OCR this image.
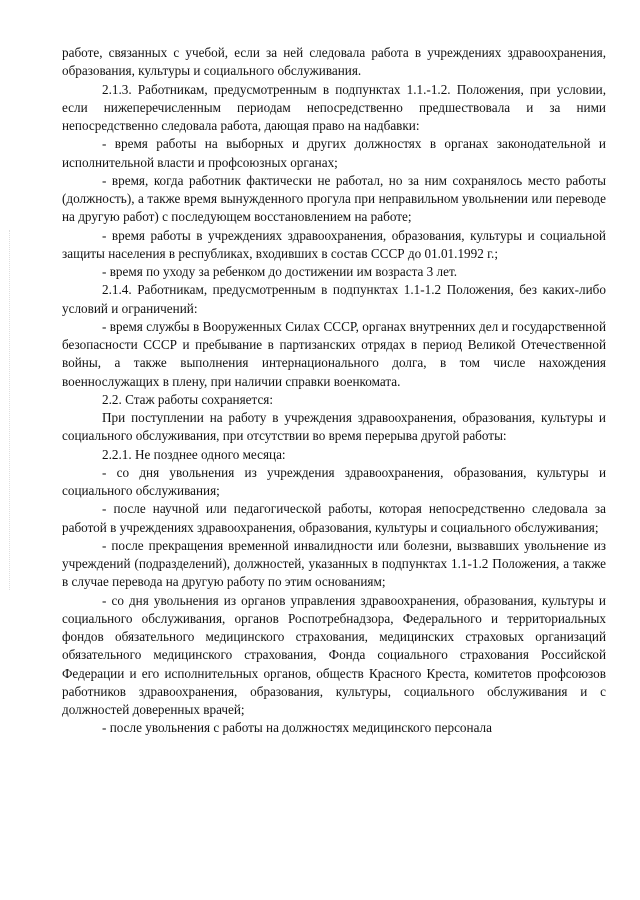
работе, связанных с учебой, если за ней следовала работа в учреждениях здравоохранения, образования, культуры и социального обслуживания.

2.1.3. Работникам, предусмотренным в подпунктах 1.1.-1.2. Положения, при условии, если нижеперечисленным периодам непосредственно предшествовала и за ними непосредственно следовала работа, дающая право на надбавки:

- время работы на выборных и других должностях в органах законодательной и исполнительной власти и профсоюзных органах;

- время, когда работник фактически не работал, но за ним сохранялось место работы (должность), а также время вынужденного прогула при неправильном увольнении или переводе на другую работ) с последующем восстановлением на работе;

- время работы в учреждениях здравоохранения, образования, культуры и социальной защиты населения в республиках, входивших в состав СССР до 01.01.1992 г.;

- время по уходу за ребенком до достижении им возраста 3 лет.

2.1.4. Работникам, предусмотренным в подпунктах 1.1-1.2 Положения, без каких-либо условий и ограничений:

- время службы в Вооруженных Силах СССР, органах внутренних дел и государственной безопасности СССР и пребывание в партизанских отрядах в период Великой Отечественной войны, а также выполнения интернационального долга, в том числе нахождения военнослужащих в плену, при наличии справки военкомата.

2.2. Стаж работы сохраняется:

При поступлении на работу в учреждения здравоохранения, образования, культуры и социального обслуживания, при отсутствии во время перерыва другой работы:

2.2.1. Не позднее одного месяца:

- со дня увольнения из учреждения здравоохранения, образования, культуры и социального обслуживания;

- после научной или педагогической работы, которая непосредственно следовала за работой в учреждениях здравоохранения, образования, культуры и социального обслуживания;

- после прекращения временной инвалидности или болезни, вызвавших увольнение из учреждений (подразделений), должностей, указанных в подпунктах 1.1-1.2 Положения, а также в случае перевода на другую работу по этим основаниям;

- со дня увольнения из органов управления здравоохранения, образования, культуры и социального обслуживания, органов Роспотребнадзора, Федерального и территориальных фондов обязательного медицинского страхования, медицинских страховых организаций обязательного медицинского страхования, Фонда социального страхования Российской Федерации и его исполнительных органов, обществ Красного Креста, комитетов профсоюзов работников здравоохранения, образования, культуры, социального обслуживания и с должностей доверенных врачей;

- после увольнения с работы на должностях медицинского персонала
